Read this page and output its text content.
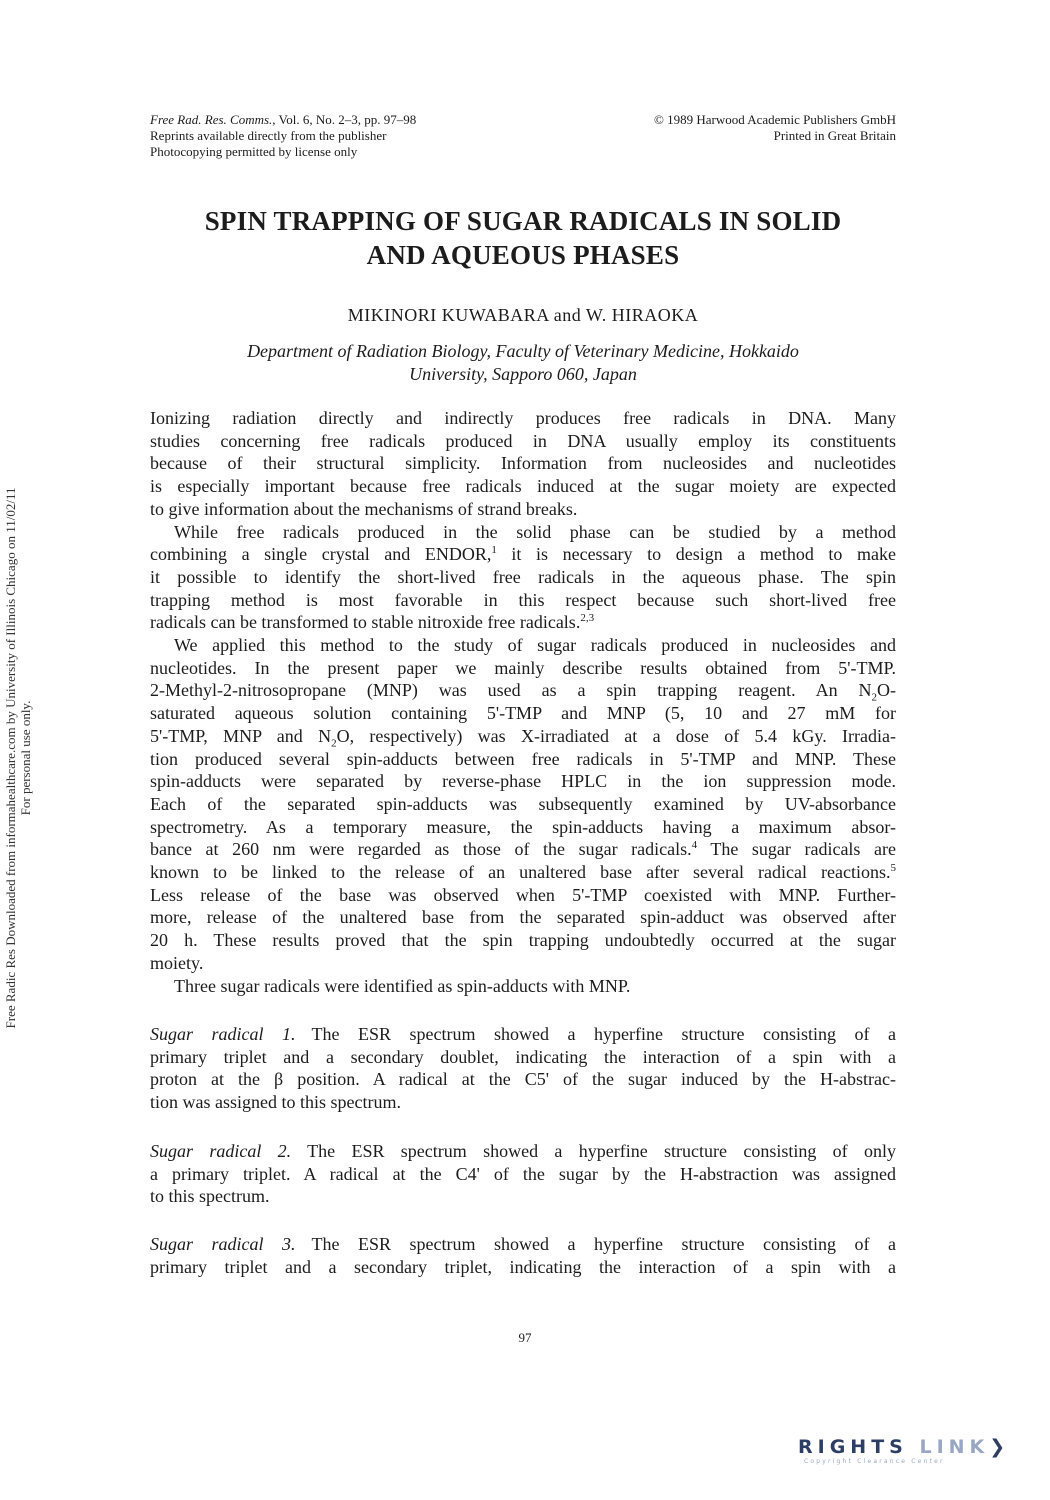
Free Rad. Res. Comms., Vol. 6, No. 2–3, pp. 97–98
Reprints available directly from the publisher
Photocopying permitted by license only
© 1989 Harwood Academic Publishers GmbH
Printed in Great Britain
SPIN TRAPPING OF SUGAR RADICALS IN SOLID
AND AQUEOUS PHASES
MIKINORI KUWABARA and W. HIRAOKA
Department of Radiation Biology, Faculty of Veterinary Medicine, Hokkaido
University, Sapporo 060, Japan
Ionizing radiation directly and indirectly produces free radicals in DNA. Many
studies concerning free radicals produced in DNA usually employ its constituents
because of their structural simplicity. Information from nucleosides and nucleotides
is especially important because free radicals induced at the sugar moiety are expected
to give information about the mechanisms of strand breaks.
While free radicals produced in the solid phase can be studied by a method
combining a single crystal and ENDOR,$^1$ it is necessary to design a method to make
it possible to identify the short-lived free radicals in the aqueous phase. The spin
trapping method is most favorable in this respect because such short-lived free
radicals can be transformed to stable nitroxide free radicals.$^{2,3}$
We applied this method to the study of sugar radicals produced in nucleosides and
nucleotides. In the present paper we mainly describe results obtained from 5'-TMP.
2-Methyl-2-nitrosopropane (MNP) was used as a spin trapping reagent. An $N_2O-$
saturated aqueous solution containing 5'-TMP and MNP (5, 10 and 27 mM for
5'-TMP, MNP and $N_2O$, respectively) was X-irradiated at a dose of 5.4 kGy. Irradia-
tion produced several spin-adducts between free radicals in 5'-TMP and MNP. These
spin-adducts were separated by reverse-phase HPLC in the ion suppression mode.
Each of the separated spin-adducts was subsequently examined by UV-absorbance
spectrometry. As a temporary measure, the spin-adducts having a maximum absor-
bance at 260 nm were regarded as those of the sugar radicals.$^4$ The sugar radicals are
known to be linked to the release of an unaltered base after several radical reactions.$^5$
Less release of the base was observed when 5'-TMP coexisted with MNP. Further-
more, release of the unaltered base from the separated spin-adduct was observed after
20 h. These results proved that the spin trapping undoubtedly occurred at the sugar
moiety.
Three sugar radicals were identified as spin-adducts with MNP.
Sugar radical 1. The ESR spectrum showed a hyperfine structure consisting of a
primary triplet and a secondary doublet, indicating the interaction of a spin with a
proton at the β position. A radical at the C5' of the sugar induced by the H-abstrac-
tion was assigned to this spectrum.
Sugar radical 2. The ESR spectrum showed a hyperfine structure consisting of only
a primary triplet. A radical at the C4' of the sugar by the H-abstraction was assigned
to this spectrum.
Sugar radical 3. The ESR spectrum showed a hyperfine structure consisting of a
primary triplet and a secondary triplet, indicating the interaction of a spin with a
97
Free Radic Res Downloaded from informahealthcare.com by University of Illinois Chicago on 11/02/11 For personal use only.
RIGHTS LINK❯
Copyright Clearance Center
